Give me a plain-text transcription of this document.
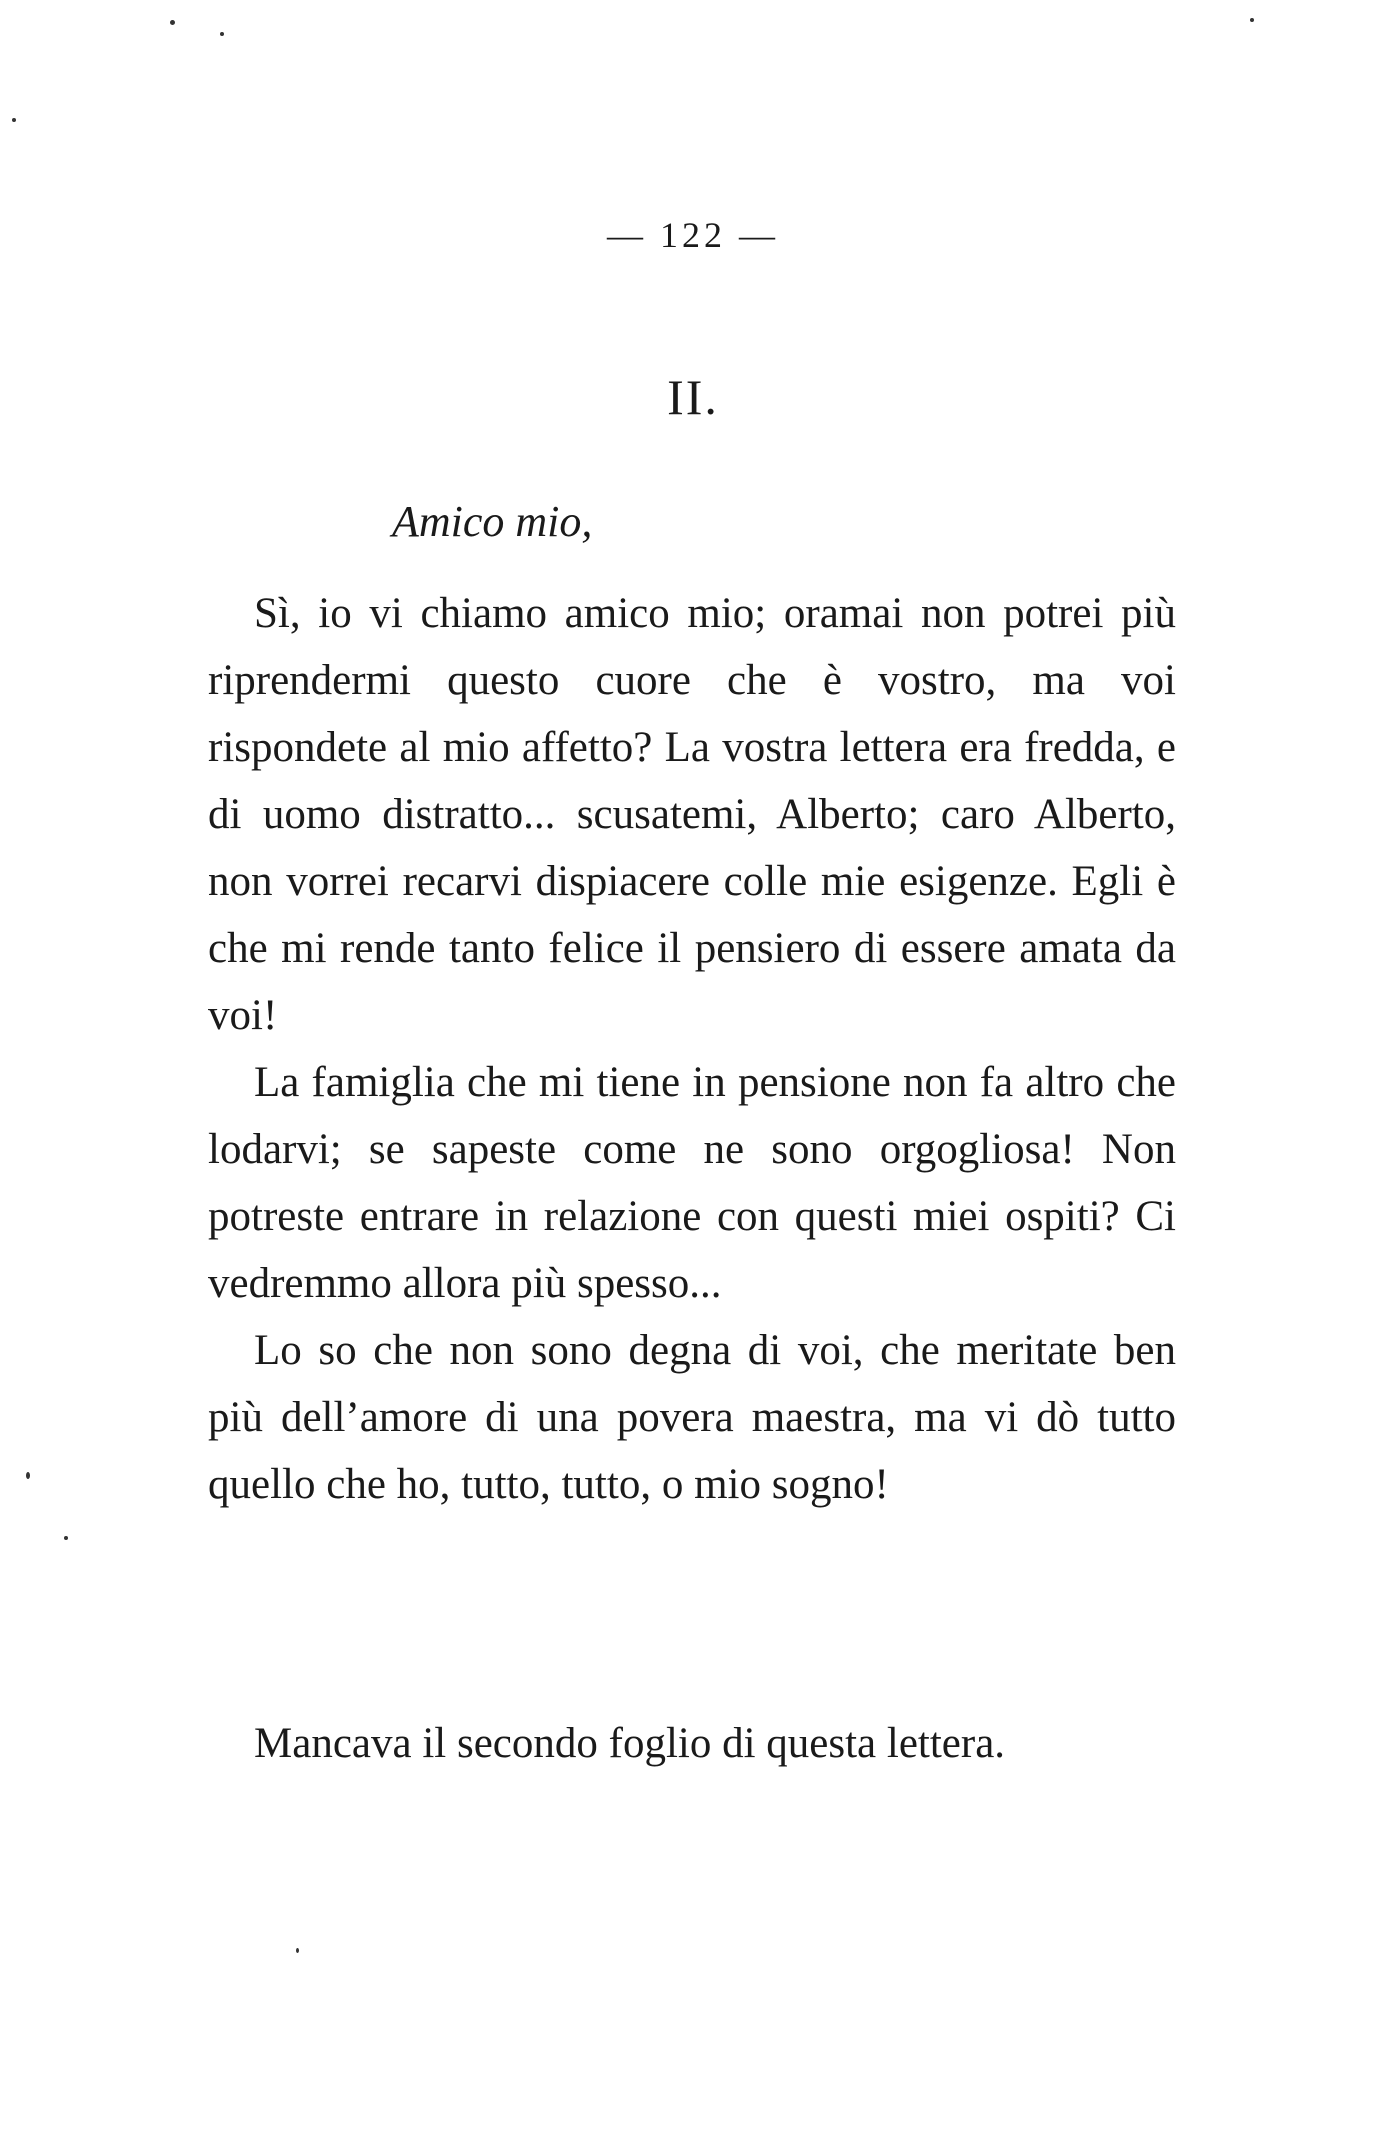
— 122 —
II.
Amico mio,

Sì, io vi chiamo amico mio; oramai non potrei più riprendermi questo cuore che è vostro, ma voi rispondete al mio affetto? La vostra lettera era fredda, e di uomo distratto... scusatemi, Alberto; caro Alberto, non vorrei recarvi dispiacere colle mie esigenze. Egli è che mi rende tanto felice il pensiero di essere amata da voi!

La famiglia che mi tiene in pensione non fa altro che lodarvi; se sapeste come ne sono orgogliosa! Non potreste entrare in relazione con questi miei ospiti? Ci vedremmo allora più spesso...

Lo so che non sono degna di voi, che meritate ben più dell’amore di una povera maestra, ma vi dò tutto quello che ho, tutto, tutto, o mio sogno!

Mancava il secondo foglio di questa lettera.
